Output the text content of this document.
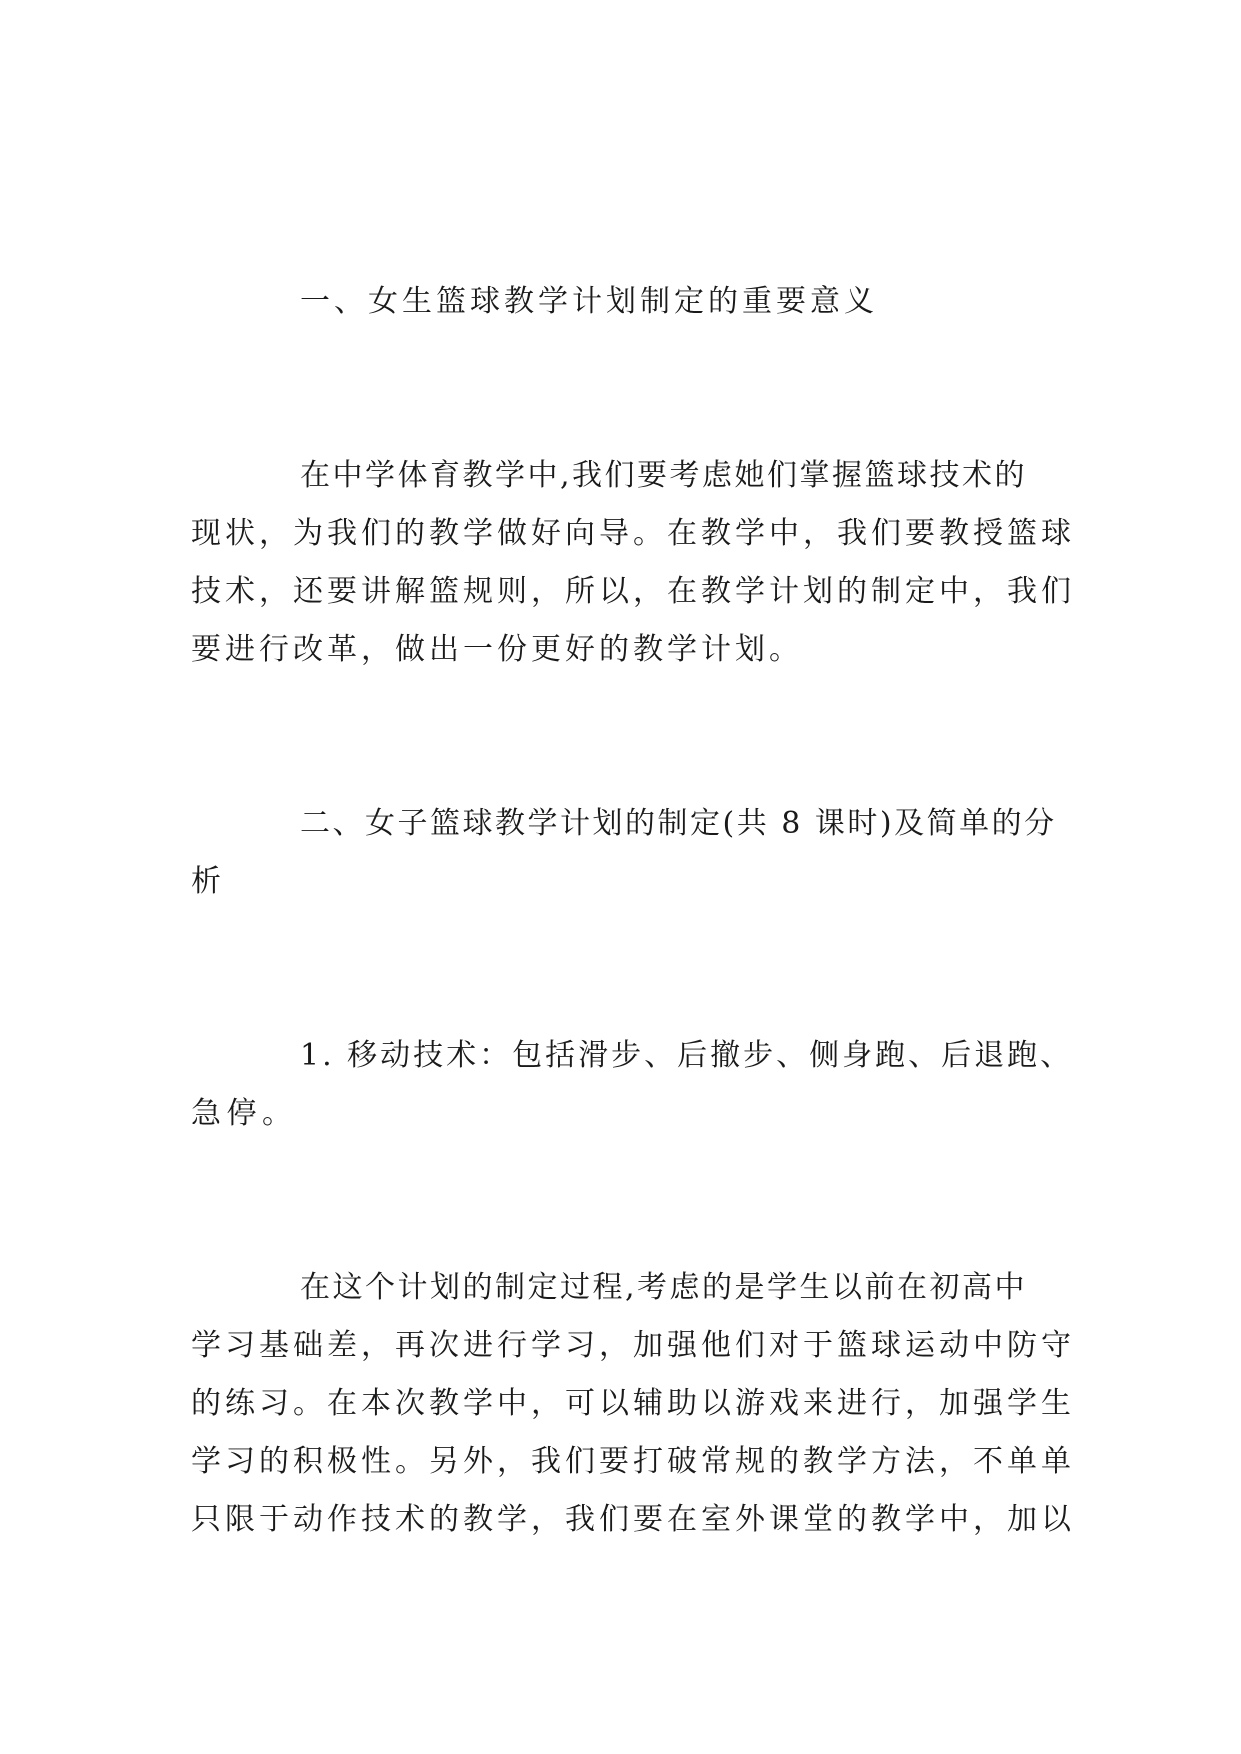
一、女生篮球教学计划制定的重要意义
在中学体育教学中,我们要考虑她们掌握篮球技术的
现状，为我们的教学做好向导。在教学中，我们要教授篮球
技术，还要讲解篮规则，所以，在教学计划的制定中，我们
要进行改革，做出一份更好的教学计划。
二、女子篮球教学计划的制定(共 8 课时)及简单的分
析
1. 移动技术：包括滑步、后撤步、侧身跑、后退跑、
急停。
在这个计划的制定过程,考虑的是学生以前在初高中
学习基础差，再次进行学习，加强他们对于篮球运动中防守
的练习。在本次教学中，可以辅助以游戏来进行，加强学生
学习的积极性。另外，我们要打破常规的教学方法，不单单
只限于动作技术的教学，我们要在室外课堂的教学中，加以
